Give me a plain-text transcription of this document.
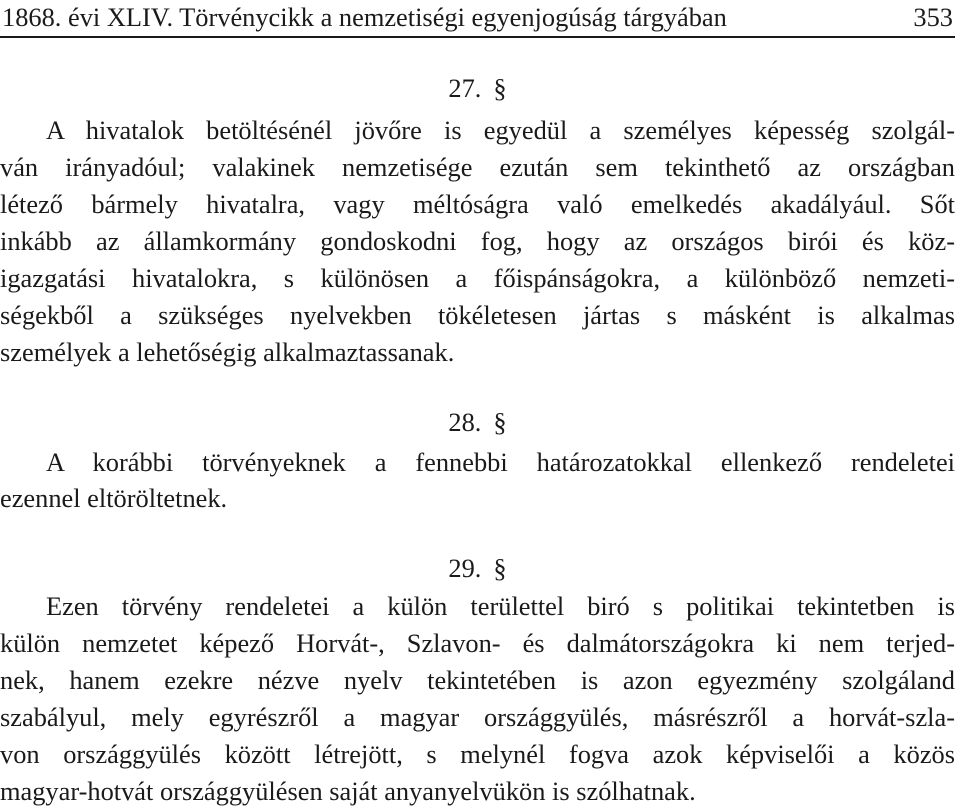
1868. évi XLIV. Törvénycikk a nemzetiségi egyenjogúság tárgyában	353
27. §
A hivatalok betöltésénél jövőre is egyedül a személyes képesség szolgál-
ván irányadóul; valakinek nemzetisége ezután sem tekinthető az országban
létező bármely hivatalra, vagy méltóságra való emelkedés akadályául. Sőt
inkább az államkormány gondoskodni fog, hogy az országos birói és köz-
igazgatási hivatalokra, s különösen a főispánságokra, a különböző nemzeti-
ségekből a szükséges nyelvekben tökéletesen jártas s másként is alkalmas
személyek a lehetőségig alkalmaztassanak.
28. §
A korábbi törvényeknek a fennebbi határozatokkal ellenkező rendeletei
ezennel eltöröltetnek.
29. §
Ezen törvény rendeletei a külön területtel biró s politikai tekintetben is
külön nemzetet képező Horvát-, Szlavon- és dalmátországokra ki nem terjed-
nek, hanem ezekre nézve nyelv tekintetében is azon egyezmény szolgáland
szabályul, mely egyrészről a magyar országgyülés, másrészről a horvát-szla-
von országgyülés között létrejött, s melynél fogva azok képviselői a közös
magyar-hotvát országgyülésen saját anyanyelvükön is szólhatnak.
